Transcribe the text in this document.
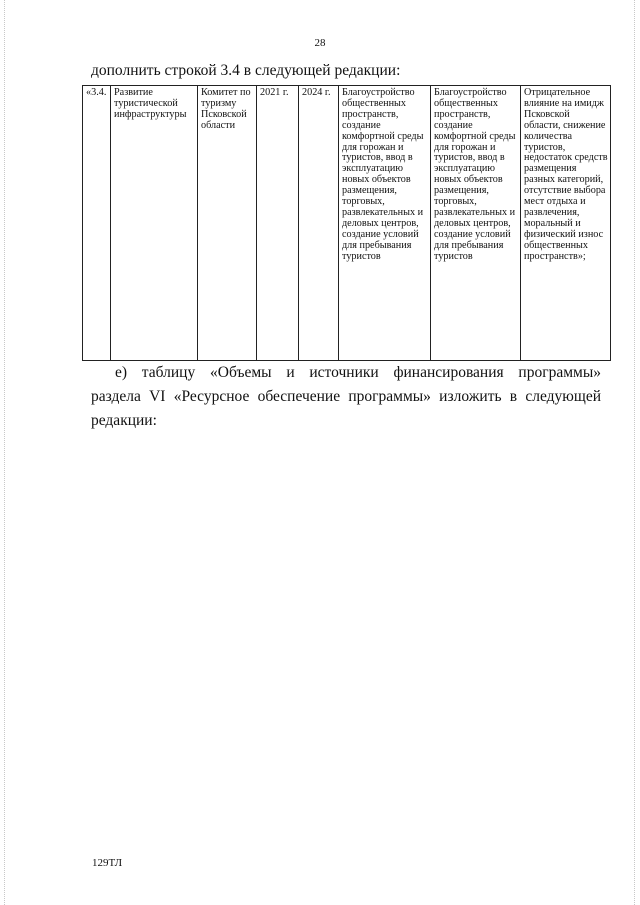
28
дополнить строкой 3.4 в следующей редакции:
«3.4.	Развитие туристической инфраструктуры	Комитет по туризму Псковской области	2021 г.	2024 г.	Благоустройство общественных пространств, создание комфортной среды для горожан и туристов, ввод в эксплуатацию новых объектов размещения, торговых, развлекательных и деловых центров, создание условий для пребывания туристов	Благоустройство общественных пространств, создание комфортной среды для горожан и туристов, ввод в эксплуатацию новых объектов размещения, торговых, развлекательных и деловых центров, создание условий для пребывания туристов	Отрицательное влияние на имидж Псковской области, снижение количества туристов, недостаток средств размещения разных категорий, отсутствие выбора мест отдыха и развлечения, моральный и физический износ общественных пространств»;
е) таблицу «Объемы и источники финансирования программы»
раздела VI «Ресурсное обеспечение программы» изложить в следующей
редакции:
129ТЛ
